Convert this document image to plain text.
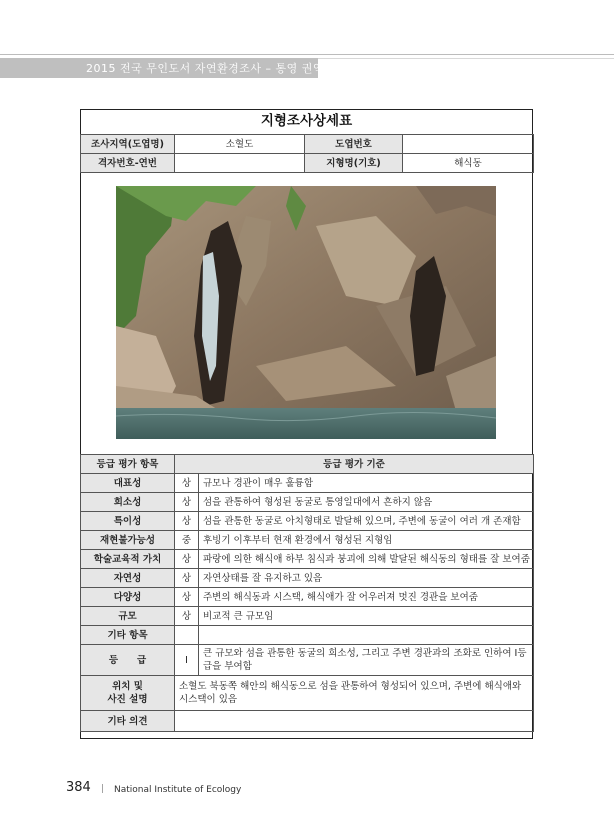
2015 전국 무인도서 자연환경조사 – 통영 권역
지형조사상세표
조사지역(도엽명)	소혈도	도엽번호	
격자번호-연번		지형명(기호)	해식동
등급 평가 항목	등급 평가 기준	
대표성	상	규모나 경관이 매우 훌륭함
희소성	상	섬을 관통하여 형성된 동굴로 통영일대에서 흔하지 않음
특이성	상	섬을 관통한 동굴로 아치형태로 발달해 있으며, 주변에 동굴이 여러 개 존재함
재현불가능성	중	후빙기 이후부터 현재 환경에서 형성된 지형임
학술교육적 가치	상	파랑에 의한 해식애 하부 침식과 붕괴에 의해 발달된 해식동의 형태를 잘 보여줌
자연성	상	자연상태를 잘 유지하고 있음
다양성	상	주변의 해식동과 시스택, 해식애가 잘 어우러져 멋진 경관을 보여줌
규모	상	비교적 큰 규모임
기타 항목		
등　　급	Ⅰ	큰 규모와 섬을 관통한 동굴의 희소성, 그리고 주변 경관과의 조화로 인하여 Ⅰ등급을 부여함
위치 및
사진 설명	소혈도 북동쪽 해안의 해식동으로 섬을 관통하여 형성되어 있으며, 주변에 해식애와 시스택이 있음	
기타 의견		
384 | National Institute of Ecology
